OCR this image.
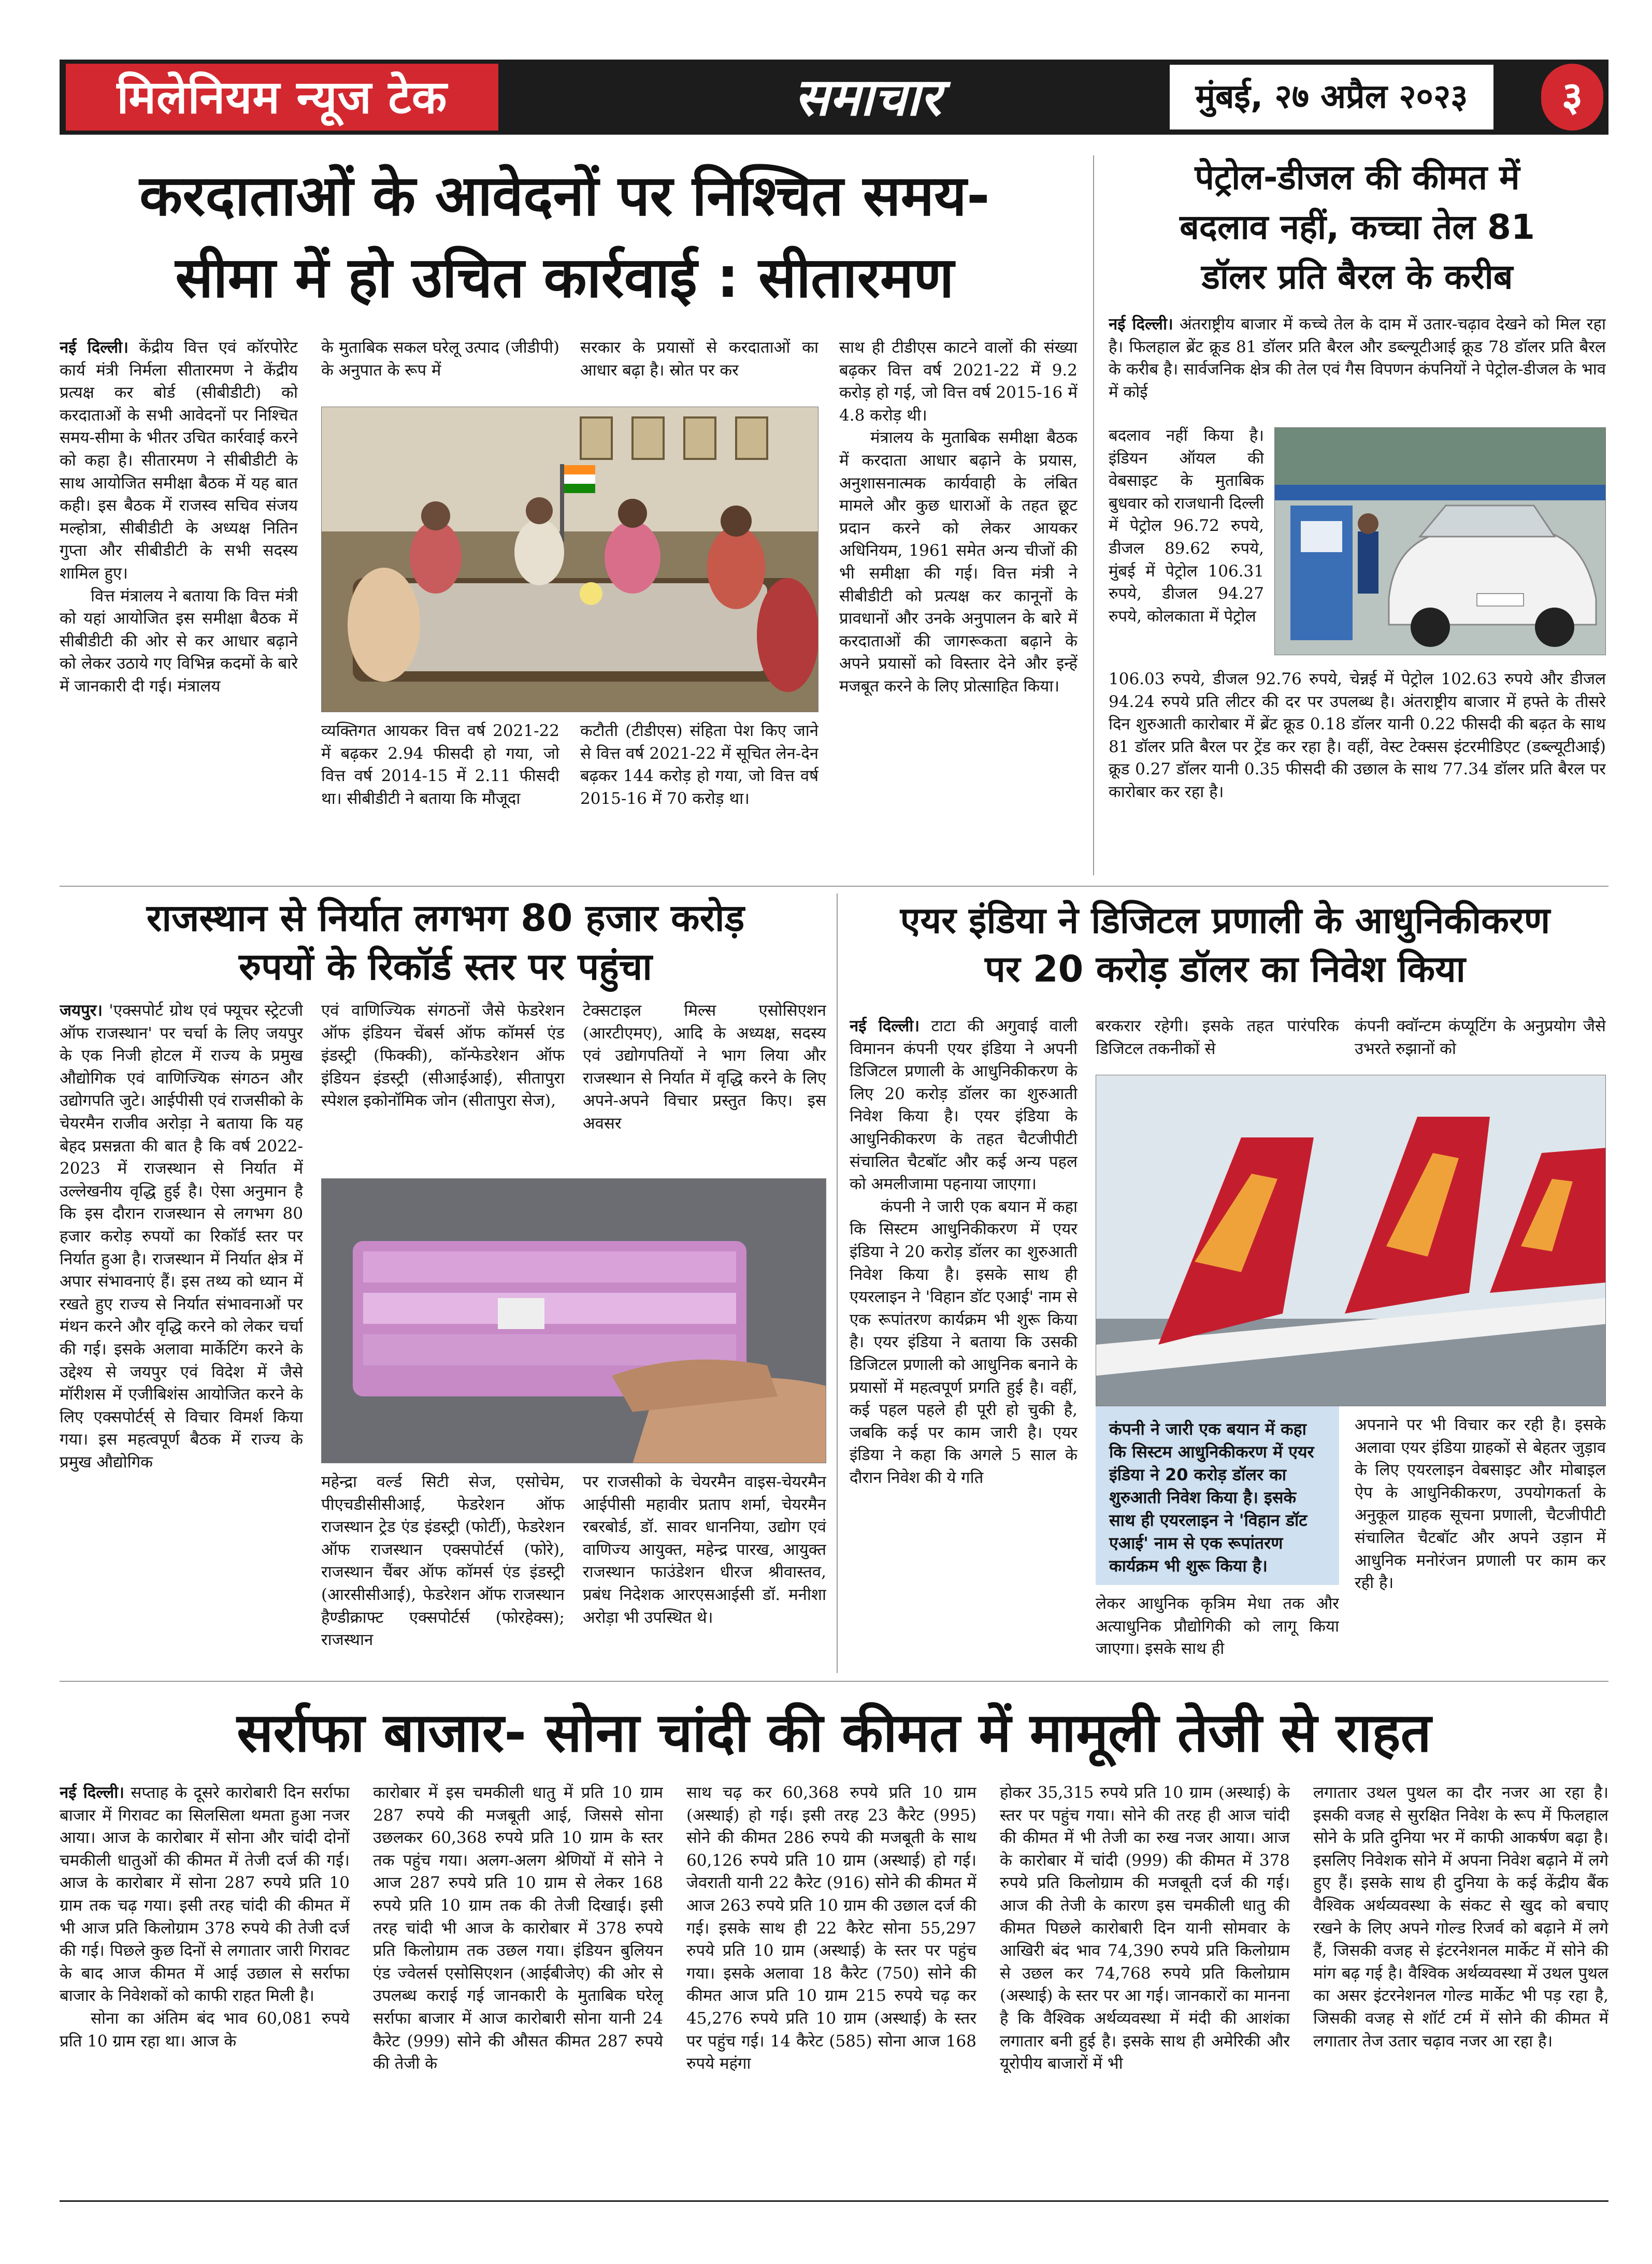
मिलेनियम न्यूज टेक	समाचार	मुंबई, २७ अप्रैल २०२३	३
करदाताओं के आवेदनों पर निश्चित समय-
सीमा में हो उचित कार्रवाई : सीतारमण

नई दिल्ली। केंद्रीय वित्त एवं कॉरपोरेट कार्य मंत्री निर्मला सीतारमण ने केंद्रीय प्रत्यक्ष कर बोर्ड (सीबीडीटी) को करदाताओं के सभी आवेदनों पर निश्चित समय-सीमा के भीतर उचित कार्रवाई करने को कहा है। सीतारमण ने सीबीडीटी के साथ आयोजित समीक्षा बैठक में यह बात कही। इस बैठक में राजस्व सचिव संजय मल्होत्रा, सीबीडीटी के अध्यक्ष नितिन गुप्ता और सीबीडीटी के सभी सदस्य शामिल हुए।

वित्त मंत्रालय ने बताया कि वित्त मंत्री को यहां आयोजित इस समीक्षा बैठक में सीबीडीटी की ओर से कर आधार बढ़ाने को लेकर उठाये गए विभिन्न कदमों के बारे में जानकारी दी गई। मंत्रालय

के मुताबिक सकल घरेलू उत्पाद (जीडीपी) के अनुपात के रूप में

सरकार के प्रयासों से करदाताओं का आधार बढ़ा है। स्रोत पर कर

व्यक्तिगत आयकर वित्त वर्ष 2021-22 में बढ़कर 2.94 फीसदी हो गया, जो वित्त वर्ष 2014-15 में 2.11 फीसदी था। सीबीडीटी ने बताया कि मौजूदा

कटौती (टीडीएस) संहिता पेश किए जाने से वित्त वर्ष 2021-22 में सूचित लेन-देन बढ़कर 144 करोड़ हो गया, जो वित्त वर्ष 2015-16 में 70 करोड़ था।

साथ ही टीडीएस काटने वालों की संख्या बढ़कर वित्त वर्ष 2021-22 में 9.2 करोड़ हो गई, जो वित्त वर्ष 2015-16 में 4.8 करोड़ थी।

मंत्रालय के मुताबिक समीक्षा बैठक में करदाता आधार बढ़ाने के प्रयास, अनुशासनात्मक कार्यवाही के लंबित मामले और कुछ धाराओं के तहत छूट प्रदान करने को लेकर आयकर अधिनियम, 1961 समेत अन्य चीजों की भी समीक्षा की गई। वित्त मंत्री ने सीबीडीटी को प्रत्यक्ष कर कानूनों के प्रावधानों और उनके अनुपालन के बारे में करदाताओं की जागरूकता बढ़ाने के अपने प्रयासों को विस्तार देने और इन्हें मजबूत करने के लिए प्रोत्साहित किया।

पेट्रोल-डीजल की कीमत में
बदलाव नहीं, कच्चा तेल 81
डॉलर प्रति बैरल के करीब

नई दिल्ली। अंतराष्ट्रीय बाजार में कच्चे तेल के दाम में उतार-चढ़ाव देखने को मिल रहा है। फिलहाल ब्रेंट क्रूड 81 डॉलर प्रति बैरल और डब्ल्यूटीआई क्रूड 78 डॉलर प्रति बैरल के करीब है। सार्वजनिक क्षेत्र की तेल एवं गैस विपणन कंपनियों ने पेट्रोल-डीजल के भाव में कोई

बदलाव नहीं किया है। इंडियन ऑयल की वेबसाइट के मुताबिक बुधवार को राजधानी दिल्ली में पेट्रोल 96.72 रुपये, डीजल 89.62 रुपये, मुंबई में पेट्रोल 106.31 रुपये, डीजल 94.27 रुपये, कोलकाता में पेट्रोल

106.03 रुपये, डीजल 92.76 रुपये, चेन्नई में पेट्रोल 102.63 रुपये और डीजल 94.24 रुपये प्रति लीटर की दर पर उपलब्ध है। अंतराष्ट्रीय बाजार में हफ्ते के तीसरे दिन शुरुआती कारोबार में ब्रेंट क्रूड 0.18 डॉलर यानी 0.22 फीसदी की बढ़त के साथ 81 डॉलर प्रति बैरल पर ट्रेंड कर रहा है। वहीं, वेस्ट टेक्सस इंटरमीडिएट (डब्ल्यूटीआई) क्रूड 0.27 डॉलर यानी 0.35 फीसदी की उछाल के साथ 77.34 डॉलर प्रति बैरल पर कारोबार कर रहा है।

राजस्थान से निर्यात लगभग 80 हजार करोड़
रुपयों के रिकॉर्ड स्तर पर पहुंचा

जयपुर। 'एक्सपोर्ट ग्रोथ एवं फ्यूचर स्ट्रेटजी ऑफ राजस्थान' पर चर्चा के लिए जयपुर के एक निजी होटल में राज्य के प्रमुख औद्योगिक एवं वाणिज्यिक संगठन और उद्योगपति जुटे। आईपीसी एवं राजसीको के चेयरमैन राजीव अरोड़ा ने बताया कि यह बेहद प्रसन्नता की बात है कि वर्ष 2022-2023 में राजस्थान से निर्यात में उल्लेखनीय वृद्धि हुई है। ऐसा अनुमान है कि इस दौरान राजस्थान से लगभग 80 हजार करोड़ रुपयों का रिकॉर्ड स्तर पर निर्यात हुआ है। राजस्थान में निर्यात क्षेत्र में अपार संभावनाएं हैं। इस तथ्य को ध्यान में रखते हुए राज्य से निर्यात संभावनाओं पर मंथन करने और वृद्धि करने को लेकर चर्चा की गई। इसके अलावा मार्केटिंग करने के उद्देश्य से जयपुर एवं विदेश में जैसे मॉरीशस में एजीबिशंस आयोजित करने के लिए एक्सपोर्टर्स् से विचार विमर्श किया गया। इस महत्वपूर्ण बैठक में राज्य के प्रमुख औद्योगिक

एवं वाणिज्यिक संगठनों जैसे फेडरेशन ऑफ इंडियन चेंबर्स ऑफ कॉमर्स एंड इंडस्ट्री (फिक्की), कॉन्फेडरेशन ऑफ इंडियन इंडस्ट्री (सीआईआई), सीतापुरा स्पेशल इकोनॉमिक जोन (सीतापुरा सेज),

टेक्सटाइल मिल्स एसोसिएशन (आरटीएमए), आदि के अध्यक्ष, सदस्य एवं उद्योगपतियों ने भाग लिया और राजस्थान से निर्यात में वृद्धि करने के लिए अपने-अपने विचार प्रस्तुत किए। इस अवसर

महेन्द्रा वर्ल्ड सिटी सेज, एसोचेम, पीएचडीसीसीआई, फेडरेशन ऑफ राजस्थान ट्रेड एंड इंडस्ट्री (फोर्टी), फेडरेशन ऑफ राजस्थान एक्सपोर्टर्स (फोरे), राजस्थान चैंबर ऑफ कॉमर्स एंड इंडस्ट्री (आरसीसीआई), फेडरेशन ऑफ राजस्थान हैण्डीक्राफ्ट एक्सपोर्टर्स (फोरहेक्स); राजस्थान

पर राजसीको के चेयरमैन वाइस-चेयरमैन आईपीसी महावीर प्रताप शर्मा, चेयरमैन रबरबोर्ड, डॉ. सावर धाननिया, उद्योग एवं वाणिज्य आयुक्त, महेन्द्र पारख, आयुक्त राजस्थान फाउंडेशन धीरज श्रीवास्तव, प्रबंध निदेशक आरएसआईसी डॉ. मनीशा अरोड़ा भी उपस्थित थे।

एयर इंडिया ने डिजिटल प्रणाली के आधुनिकीकरण
पर 20 करोड़ डॉलर का निवेश किया

नई दिल्ली। टाटा की अगुवाई वाली विमानन कंपनी एयर इंडिया ने अपनी डिजिटल प्रणाली के आधुनिकीकरण के लिए 20 करोड़ डॉलर का शुरुआती निवेश किया है। एयर इंडिया के आधुनिकीकरण के तहत चैटजीपीटी संचालित चैटबॉट और कई अन्य पहल को अमलीजामा पहनाया जाएगा।

कंपनी ने जारी एक बयान में कहा कि सिस्टम आधुनिकीकरण में एयर इंडिया ने 20 करोड़ डॉलर का शुरुआती निवेश किया है। इसके साथ ही एयरलाइन ने 'विहान डॉट एआई' नाम से एक रूपांतरण कार्यक्रम भी शुरू किया है। एयर इंडिया ने बताया कि उसकी डिजिटल प्रणाली को आधुनिक बनाने के प्रयासों में महत्वपूर्ण प्रगति हुई है। वहीं, कई पहल पहले ही पूरी हो चुकी है, जबकि कई पर काम जारी है। एयर इंडिया ने कहा कि अगले 5 साल के दौरान निवेश की ये गति

बरकरार रहेगी। इसके तहत पारंपरिक डिजिटल तकनीकों से

कंपनी क्वॉन्टम कंप्यूटिंग के अनुप्रयोग जैसे उभरते रुझानों को

कंपनी ने जारी एक बयान में कहा कि सिस्टम आधुनिकीकरण में एयर इंडिया ने 20 करोड़ डॉलर का शुरुआती निवेश किया है। इसके साथ ही एयरलाइन ने 'विहान डॉट एआई' नाम से एक रूपांतरण कार्यक्रम भी शुरू किया है।

लेकर आधुनिक कृत्रिम मेधा तक और अत्याधुनिक प्रौद्योगिकी को लागू किया जाएगा। इसके साथ ही

अपनाने पर भी विचार कर रही है। इसके अलावा एयर इंडिया ग्राहकों से बेहतर जुड़ाव के लिए एयरलाइन वेबसाइट और मोबाइल ऐप के आधुनिकीकरण, उपयोगकर्ता के अनुकूल ग्राहक सूचना प्रणाली, चैटजीपीटी संचालित चैटबॉट और अपने उड़ान में आधुनिक मनोरंजन प्रणाली पर काम कर रही है।

सर्राफा बाजार- सोना चांदी की कीमत में मामूली तेजी से राहत

नई दिल्ली। सप्ताह के दूसरे कारोबारी दिन सर्राफा बाजार में गिरावट का सिलसिला थमता हुआ नजर आया। आज के कारोबार में सोना और चांदी दोनों चमकीली धातुओं की कीमत में तेजी दर्ज की गई। आज के कारोबार में सोना 287 रुपये प्रति 10 ग्राम तक चढ़ गया। इसी तरह चांदी की कीमत में भी आज प्रति किलोग्राम 378 रुपये की तेजी दर्ज की गई। पिछले कुछ दिनों से लगातार जारी गिरावट के बाद आज कीमत में आई उछाल से सर्राफा बाजार के निवेशकों को काफी राहत मिली है।

सोना का अंतिम बंद भाव 60,081 रुपये प्रति 10 ग्राम रहा था। आज के

कारोबार में इस चमकीली धातु में प्रति 10 ग्राम 287 रुपये की मजबूती आई, जिससे सोना उछलकर 60,368 रुपये प्रति 10 ग्राम के स्तर तक पहुंच गया। अलग-अलग श्रेणियों में सोने ने आज 287 रुपये प्रति 10 ग्राम से लेकर 168 रुपये प्रति 10 ग्राम तक की तेजी दिखाई। इसी तरह चांदी भी आज के कारोबार में 378 रुपये प्रति किलोग्राम तक उछल गया। इंडियन बुलियन एंड ज्वेलर्स एसोसिएशन (आईबीजेए) की ओर से उपलब्ध कराई गई जानकारी के मुताबिक घरेलू सर्राफा बाजार में आज कारोबारी सोना यानी 24 कैरेट (999) सोने की औसत कीमत 287 रुपये की तेजी के

साथ चढ़ कर 60,368 रुपये प्रति 10 ग्राम (अस्थाई) हो गई। इसी तरह 23 कैरेट (995) सोने की कीमत 286 रुपये की मजबूती के साथ 60,126 रुपये प्रति 10 ग्राम (अस्थाई) हो गई। जेवराती यानी 22 कैरेट (916) सोने की कीमत में आज 263 रुपये प्रति 10 ग्राम की उछाल दर्ज की गई। इसके साथ ही 22 कैरेट सोना 55,297 रुपये प्रति 10 ग्राम (अस्थाई) के स्तर पर पहुंच गया। इसके अलावा 18 कैरेट (750) सोने की कीमत आज प्रति 10 ग्राम 215 रुपये चढ़ कर 45,276 रुपये प्रति 10 ग्राम (अस्थाई) के स्तर पर पहुंच गई। 14 कैरेट (585) सोना आज 168 रुपये महंगा

होकर 35,315 रुपये प्रति 10 ग्राम (अस्थाई) के स्तर पर पहुंच गया। सोने की तरह ही आज चांदी की कीमत में भी तेजी का रुख नजर आया। आज के कारोबार में चांदी (999) की कीमत में 378 रुपये प्रति किलोग्राम की मजबूती दर्ज की गई। आज की तेजी के कारण इस चमकीली धातु की कीमत पिछले कारोबारी दिन यानी सोमवार के आखिरी बंद भाव 74,390 रुपये प्रति किलोग्राम से उछल कर 74,768 रुपये प्रति किलोग्राम (अस्थाई) के स्तर पर आ गई। जानकारों का मानना है कि वैश्विक अर्थव्यवस्था में मंदी की आशंका लगातार बनी हुई है। इसके साथ ही अमेरिकी और यूरोपीय बाजारों में भी

लगातार उथल पुथल का दौर नजर आ रहा है। इसकी वजह से सुरक्षित निवेश के रूप में फिलहाल सोने के प्रति दुनिया भर में काफी आकर्षण बढ़ा है। इसलिए निवेशक सोने में अपना निवेश बढ़ाने में लगे हुए हैं। इसके साथ ही दुनिया के कई केंद्रीय बैंक वैश्विक अर्थव्यवस्था के संकट से खुद को बचाए रखने के लिए अपने गोल्ड रिजर्व को बढ़ाने में लगे हैं, जिसकी वजह से इंटरनेशनल मार्केट में सोने की मांग बढ़ गई है। वैश्विक अर्थव्यवस्था में उथल पुथल का असर इंटरनेशनल गोल्ड मार्केट भी पड़ रहा है, जिसकी वजह से शॉर्ट टर्म में सोने की कीमत में लगातार तेज उतार चढ़ाव नजर आ रहा है।
